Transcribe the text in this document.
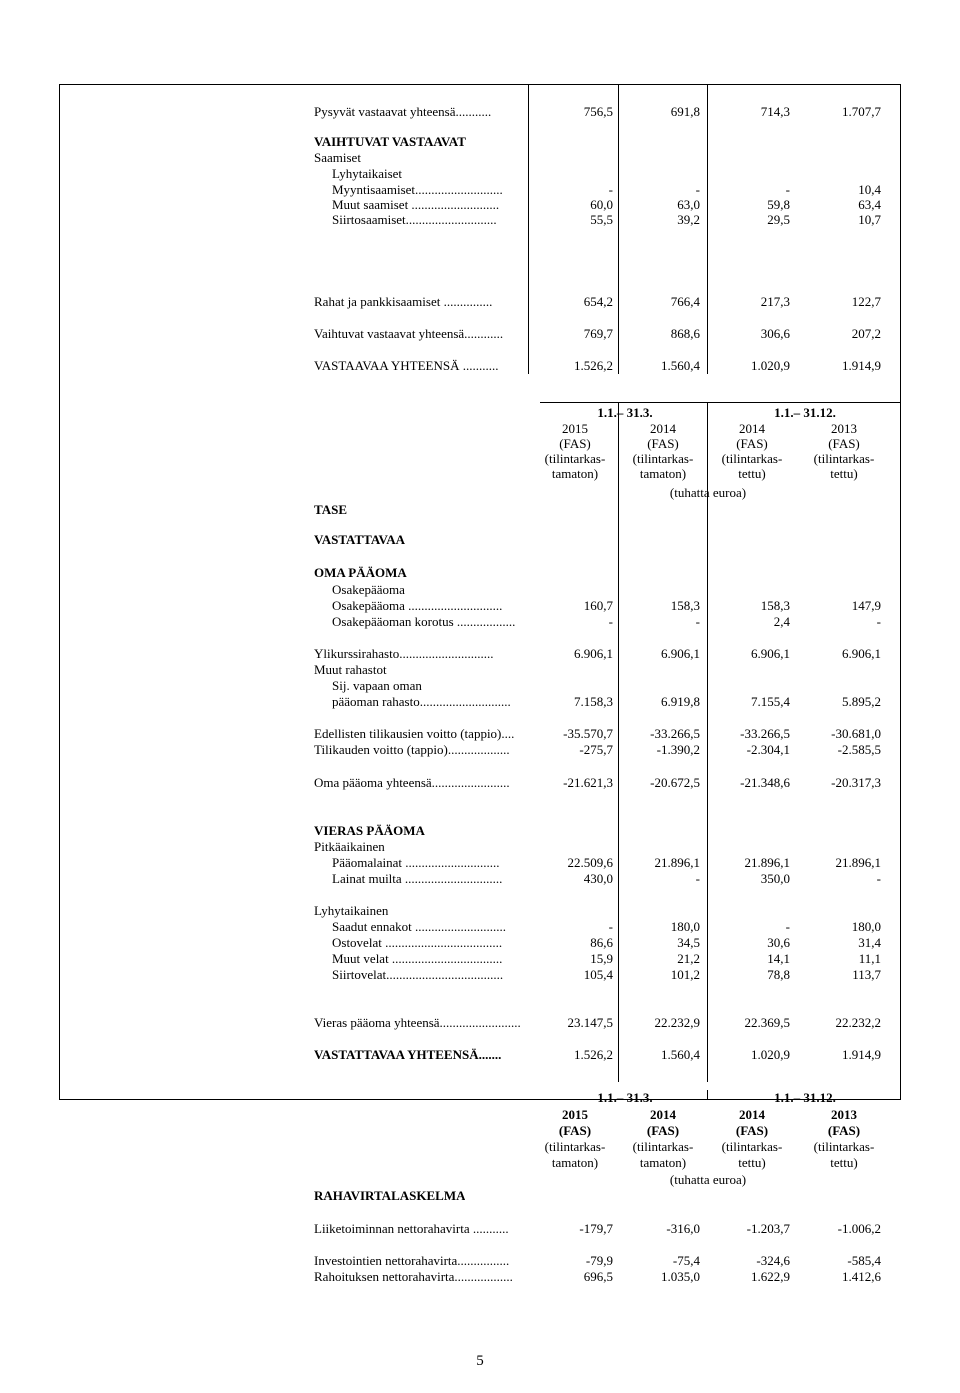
Pysyvät vastaavat yhteensä...........	756,5	691,8	714,3	1.707,7
VAIHTUVAT VASTAAVAT
Saamiset
Lyhytaikaiset
Myyntisaamiset...........................	-	-	-	10,4
Muut saamiset ...........................	60,0	63,0	59,8	63,4
Siirtosaamiset............................	55,5	39,2	29,5	10,7
Rahat ja pankkisaamiset ...............	654,2	766,4	217,3	122,7
Vaihtuvat vastaavat yhteensä............	769,7	868,6	306,6	207,2
VASTAAVAA YHTEENSÄ ...........	1.526,2	1.560,4	1.020,9	1.914,9
1.1.– 31.3.	1.1.– 31.12.
2015	2014	2014	2013
(FAS)	(FAS)	(FAS)	(FAS)
(tilintarkas-	(tilintarkas-	(tilintarkas-	(tilintarkas-
tamaton)	tamaton)	tettu)	tettu)
(tuhatta euroa)
TASE
VASTATTAVAA
OMA PÄÄOMA
Osakepääoma
Osakepääoma .............................	160,7	158,3	158,3	147,9
Osakepääoman korotus ..................	-	-	2,4	-
Ylikurssirahasto.............................	6.906,1	6.906,1	6.906,1	6.906,1
Muut rahastot
Sij. vapaan oman
pääoman rahasto............................	7.158,3	6.919,8	7.155,4	5.895,2
Edellisten tilikausien voitto (tappio)....	-35.570,7	-33.266,5	-33.266,5	-30.681,0
Tilikauden voitto (tappio)...................	-275,7	-1.390,2	-2.304,1	-2.585,5
Oma pääoma yhteensä........................	-21.621,3	-20.672,5	-21.348,6	-20.317,3
VIERAS PÄÄOMA
Pitkäaikainen
Pääomalainat .............................	22.509,6	21.896,1	21.896,1	21.896,1
Lainat muilta ..............................	430,0	-	350,0	-
Lyhytaikainen
Saadut ennakot ............................	-	180,0	-	180,0
Ostovelat ....................................	86,6	34,5	30,6	31,4
Muut velat ..................................	15,9	21,2	14,1	11,1
Siirtovelat....................................	105,4	101,2	78,8	113,7
Vieras pääoma yhteensä.........................	23.147,5	22.232,9	22.369,5	22.232,2
VASTATTAVAA YHTEENSÄ.......	1.526,2	1.560,4	1.020,9	1.914,9
1.1.– 31.3.	1.1.– 31.12.
2015	2014	2014	2013
(FAS)	(FAS)	(FAS)	(FAS)
(tilintarkas-	(tilintarkas-	(tilintarkas-	(tilintarkas-
tamaton)	tamaton)	tettu)	tettu)
(tuhatta euroa)
RAHAVIRTALASKELMA
Liiketoiminnan nettorahavirta ...........	-179,7	-316,0	-1.203,7	-1.006,2
Investointien nettorahavirta................	-79,9	-75,4	-324,6	-585,4
Rahoituksen nettorahavirta..................	696,5	1.035,0	1.622,9	1.412,6
5
